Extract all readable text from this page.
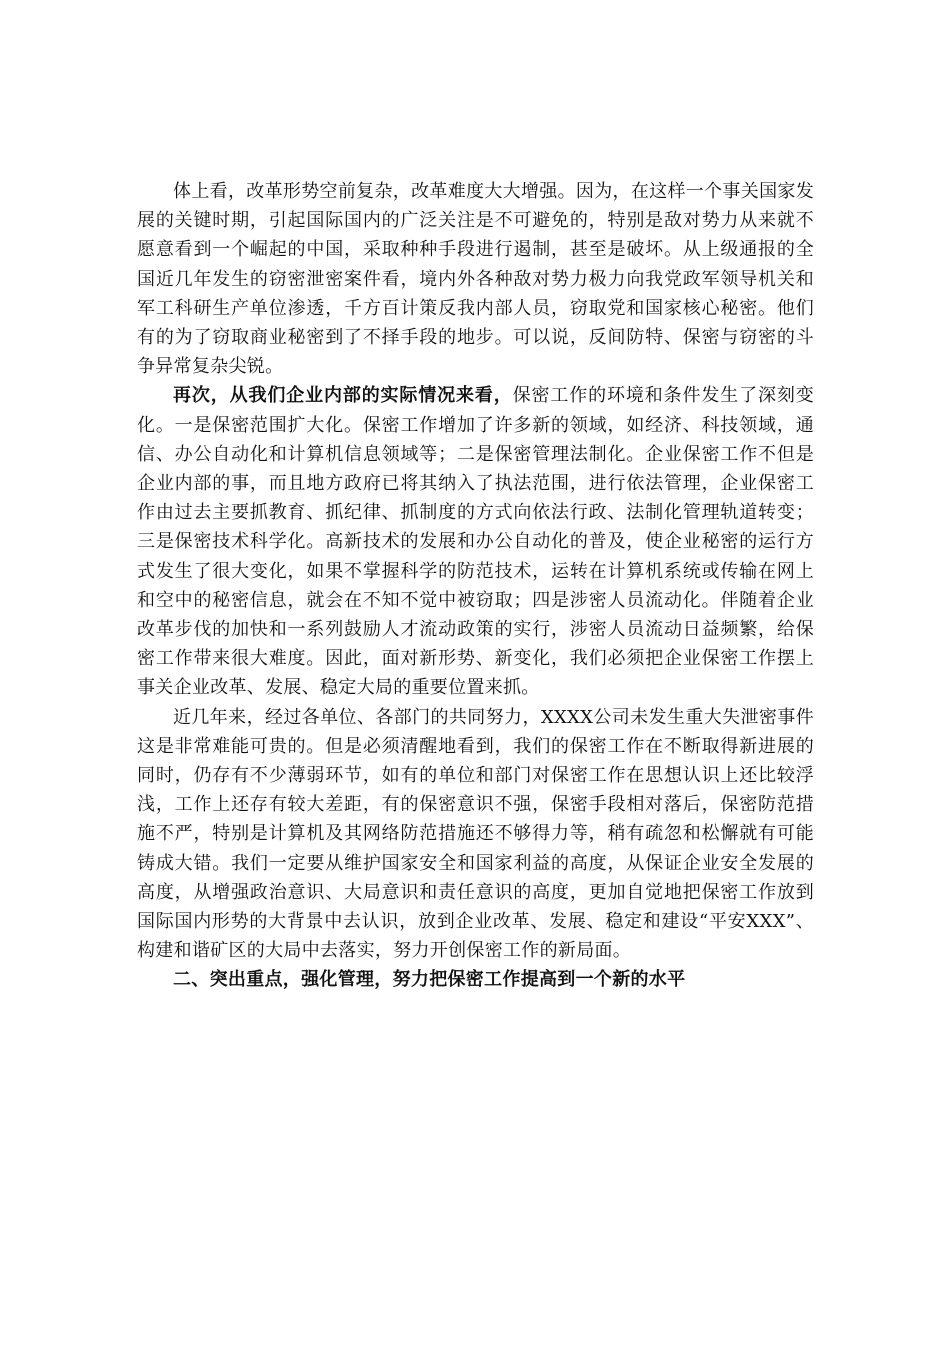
体上看，改革形势空前复杂，改革难度大大增强。因为，在这样一个事关国家发展的关键时期，引起国际国内的广泛关注是不可避免的，特别是敌对势力从来就不愿意看到一个崛起的中国，采取种种手段进行遏制，甚至是破坏。从上级通报的全国近几年发生的窃密泄密案件看，境内外各种敌对势力极力向我党政军领导机关和军工科研生产单位渗透，千方百计策反我内部人员，窃取党和国家核心秘密。他们有的为了窃取商业秘密到了不择手段的地步。可以说，反间防特、保密与窃密的斗争异常复杂尖锐。

再次，从我们企业内部的实际情况来看，保密工作的环境和条件发生了深刻变化。一是保密范围扩大化。保密工作增加了许多新的领域，如经济、科技领域，通信、办公自动化和计算机信息领域等；二是保密管理法制化。企业保密工作不但是企业内部的事，而且地方政府已将其纳入了执法范围，进行依法管理，企业保密工作由过去主要抓教育、抓纪律、抓制度的方式向依法行政、法制化管理轨道转变；三是保密技术科学化。高新技术的发展和办公自动化的普及，使企业秘密的运行方式发生了很大变化，如果不掌握科学的防范技术，运转在计算机系统或传输在网上和空中的秘密信息，就会在不知不觉中被窃取；四是涉密人员流动化。伴随着企业改革步伐的加快和一系列鼓励人才流动政策的实行，涉密人员流动日益频繁，给保密工作带来很大难度。因此，面对新形势、新变化，我们必须把企业保密工作摆上事关企业改革、发展、稳定大局的重要位置来抓。

近几年来，经过各单位、各部门的共同努力，XXXX公司未发生重大失泄密事件这是非常难能可贵的。但是必须清醒地看到，我们的保密工作在不断取得新进展的同时，仍存有不少薄弱环节，如有的单位和部门对保密工作在思想认识上还比较浮浅，工作上还存有较大差距，有的保密意识不强，保密手段相对落后，保密防范措施不严，特别是计算机及其网络防范措施还不够得力等，稍有疏忽和松懈就有可能铸成大错。我们一定要从维护国家安全和国家利益的高度，从保证企业安全发展的高度，从增强政治意识、大局意识和责任意识的高度，更加自觉地把保密工作放到国际国内形势的大背景中去认识，放到企业改革、发展、稳定和建设“平安XXX”、构建和谐矿区的大局中去落实，努力开创保密工作的新局面。

二、突出重点，强化管理，努力把保密工作提高到一个新的水平
